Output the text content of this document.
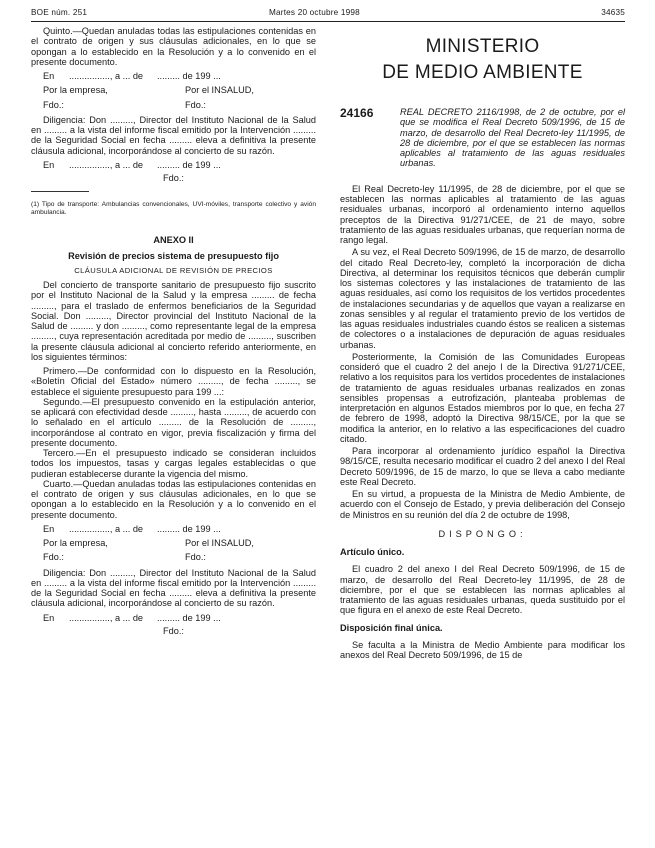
BOE núm. 251	Martes 20 octubre 1998	34635

Quinto.—Quedan anuladas todas las estipulaciones contenidas en el contrato de origen y sus cláusulas adicionales, en lo que se opongan a lo establecido en la Resolución y a lo convenido en el presente documento.

En	................, a ... de	......... de 199 ...
Por la empresa,	Por el INSALUD,
Fdo.:	Fdo.:

Diligencia: Don ........., Director del Instituto Nacional de la Salud en ......... a la vista del informe fiscal emitido por la Intervención ......... de la Seguridad Social en fecha ......... eleva a definitiva la presente cláusula adicional, incorporándose al concierto de su razón.

En	................, a ... de	......... de 199 ...
Fdo.:

(1) Tipo de transporte: Ambulancias convencionales, UVI-móviles, transporte colectivo y avión ambulancia.

ANEXO II
Revisión de precios sistema de presupuesto fijo
CLÁUSULA ADICIONAL DE REVISIÓN DE PRECIOS

Del concierto de transporte sanitario de presupuesto fijo suscrito por el Instituto Nacional de la Salud y la empresa ......... de fecha ........., para el traslado de enfermos beneficiarios de la Seguridad Social. Don ........., Director provincial del Instituto Nacional de la Salud de ......... y don ........., como representante legal de la empresa ........., cuya representación acreditada por medio de ........., suscriben la presente cláusula adicional al concierto referido anteriormente, en los siguientes términos:

Primero.—De conformidad con lo dispuesto en la Resolución, «Boletín Oficial del Estado» número ........., de fecha ........., se establece el siguiente presupuesto para 199 ...:

Segundo.—El presupuesto convenido en la estipulación anterior, se aplicará con efectividad desde ........., hasta ........., de acuerdo con lo señalado en el artículo ......... de la Resolución de ........., incorporándose al contrato en vigor, previa fiscalización y firma del presente documento.

Tercero.—En el presupuesto indicado se consideran incluidos todos los impuestos, tasas y cargas legales establecidas o que pudieran establecerse durante la vigencia del mismo.

Cuarto.—Quedan anuladas todas las estipulaciones contenidas en el contrato de origen y sus cláusulas adicionales, en lo que se opongan a lo establecido en la Resolución y a lo convenido en el presente documento.

En	................, a ... de	......... de 199 ...
Por la empresa,	Por el INSALUD,
Fdo.:	Fdo.:

Diligencia: Don ........., Director del Instituto Nacional de la Salud en ......... a la vista del informe fiscal emitido por la Intervención ......... de la Seguridad Social en fecha ......... eleva a definitiva la presente cláusula adicional, incorporándose al concierto de su razón.

En	................, a ... de	......... de 199 ...
Fdo.:
MINISTERIO
DE MEDIO AMBIENTE
24166	REAL DECRETO 2116/1998, de 2 de octubre, por el que se modifica el Real Decreto 509/1996, de 15 de marzo, de desarrollo del Real Decreto-ley 11/1995, de 28 de diciembre, por el que se establecen las normas aplicables al tratamiento de las aguas residuales urbanas.

El Real Decreto-ley 11/1995, de 28 de diciembre, por el que se establecen las normas aplicables al tratamiento de las aguas residuales urbanas, incorporó al ordenamiento interno aquellos preceptos de la Directiva 91/271/CEE, de 21 de mayo, sobre tratamiento de las aguas residuales urbanas, que requerían norma de rango legal.

A su vez, el Real Decreto 509/1996, de 15 de marzo, de desarrollo del citado Real Decreto-ley, completó la incorporación de dicha Directiva, al determinar los requisitos técnicos que deberán cumplir los sistemas colectores y las instalaciones de tratamiento de las aguas residuales, así como los requisitos de los vertidos procedentes de instalaciones secundarias y de aquellos que vayan a realizarse en zonas sensibles y al regular el tratamiento previo de los vertidos de las aguas residuales industriales cuando éstos se realicen a sistemas de colectores o a instalaciones de depuración de aguas residuales urbanas.

Posteriormente, la Comisión de las Comunidades Europeas consideró que el cuadro 2 del anejo I de la Directiva 91/271/CEE, relativo a los requisitos para los vertidos procedentes de instalaciones de tratamiento de aguas residuales urbanas realizados en zonas sensibles propensas a eutrofización, planteaba problemas de interpretación en algunos Estados miembros por lo que, en fecha 27 de febrero de 1998, adoptó la Directiva 98/15/CE, por la que se modifica la anterior, en lo relativo a las especificaciones del cuadro citado.

Para incorporar al ordenamiento jurídico español la Directiva 98/15/CE, resulta necesario modificar el cuadro 2 del anexo I del Real Decreto 509/1996, de 15 de marzo, lo que se lleva a cabo mediante este Real Decreto.

En su virtud, a propuesta de la Ministra de Medio Ambiente, de acuerdo con el Consejo de Estado, y previa deliberación del Consejo de Ministros en su reunión del día 2 de octubre de 1998,

DISPONGO:
Artículo único.

El cuadro 2 del anexo I del Real Decreto 509/1996, de 15 de marzo, de desarrollo del Real Decreto-ley 11/1995, de 28 de diciembre, por el que se establecen las normas aplicables al tratamiento de las aguas residuales urbanas, queda sustituido por el que figura en el anexo de este Real Decreto.

Disposición final única.

Se faculta a la Ministra de Medio Ambiente para modificar los anexos del Real Decreto 509/1996, de 15 de
